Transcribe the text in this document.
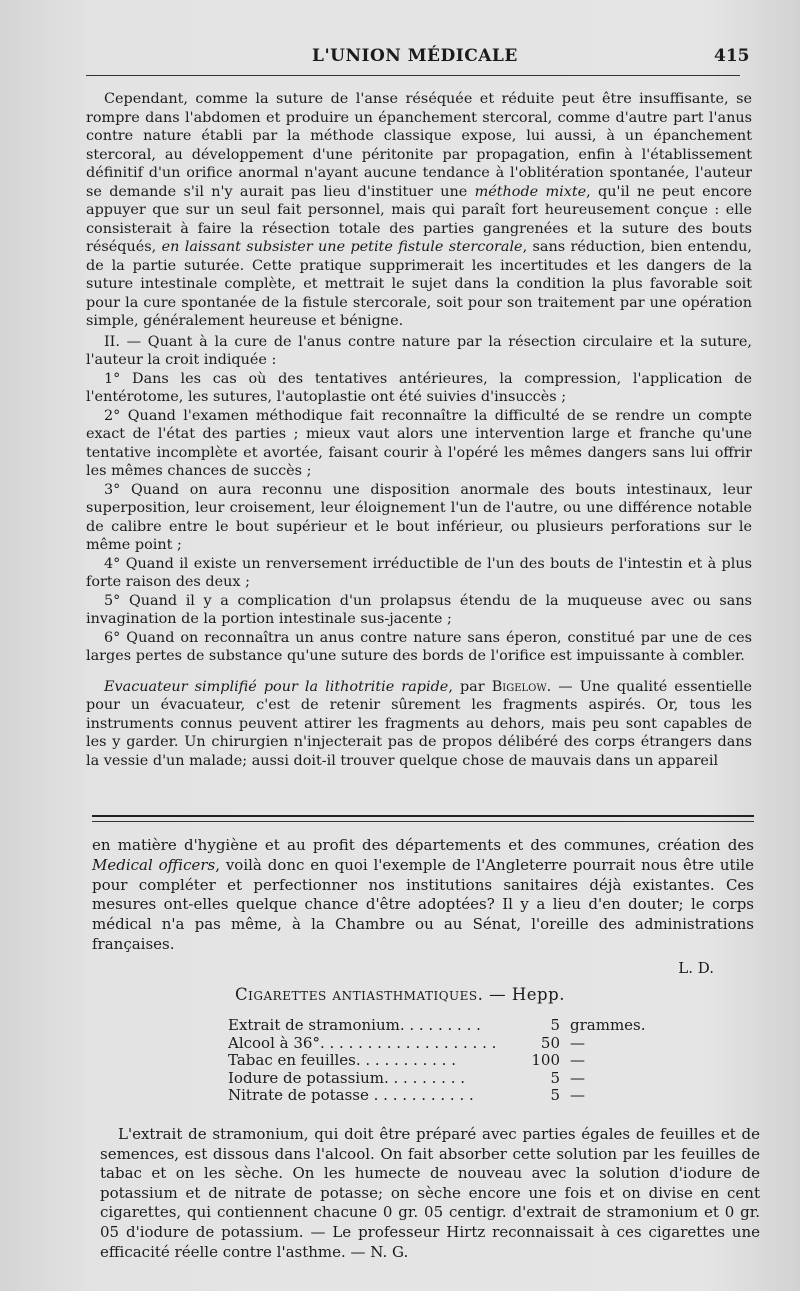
L'UNION MÉDICALE	415

Cependant, comme la suture de l'anse réséquée et réduite peut être insuffisante, se rompre dans l'abdomen et produire un épanchement stercoral, comme d'autre part l'anus contre nature établi par la méthode classique expose, lui aussi, à un épanchement stercoral, au développement d'une péritonite par propagation, enfin à l'établissement définitif d'un orifice anormal n'ayant aucune tendance à l'oblitération spontanée, l'auteur se demande s'il n'y aurait pas lieu d'instituer une méthode mixte, qu'il ne peut encore appuyer que sur un seul fait personnel, mais qui paraît fort heureusement conçue : elle consisterait à faire la résection totale des parties gangrenées et la suture des bouts réséqués, en laissant subsister une petite fistule stercorale, sans réduction, bien entendu, de la partie suturée. Cette pratique supprimerait les incertitudes et les dangers de la suture intestinale complète, et mettrait le sujet dans la condition la plus favorable soit pour la cure spontanée de la fistule stercorale, soit pour son traitement par une opération simple, généralement heureuse et bénigne.

II. — Quant à la cure de l'anus contre nature par la résection circulaire et la suture, l'auteur la croit indiquée :

1° Dans les cas où des tentatives antérieures, la compression, l'application de l'entérotome, les sutures, l'autoplastie ont été suivies d'insuccès ;

2° Quand l'examen méthodique fait reconnaître la difficulté de se rendre un compte exact de l'état des parties ; mieux vaut alors une intervention large et franche qu'une tentative incomplète et avortée, faisant courir à l'opéré les mêmes dangers sans lui offrir les mêmes chances de succès ;

3° Quand on aura reconnu une disposition anormale des bouts intestinaux, leur superposition, leur croisement, leur éloignement l'un de l'autre, ou une différence notable de calibre entre le bout supérieur et le bout inférieur, ou plusieurs perforations sur le même point ;

4° Quand il existe un renversement irréductible de l'un des bouts de l'intestin et à plus forte raison des deux ;

5° Quand il y a complication d'un prolapsus étendu de la muqueuse avec ou sans invagination de la portion intestinale sus-jacente ;

6° Quand on reconnaîtra un anus contre nature sans éperon, constitué par une de ces larges pertes de substance qu'une suture des bords de l'orifice est impuissante à combler.

Evacuateur simplifié pour la lithotritie rapide, par Bigelow. — Une qualité essentielle pour un évacuateur, c'est de retenir sûrement les fragments aspirés. Or, tous les instruments connus peuvent attirer les fragments au dehors, mais peu sont capables de les y garder. Un chirurgien n'injecterait pas de propos délibéré des corps étrangers dans la vessie d'un malade; aussi doit-il trouver quelque chose de mauvais dans un appareil

en matière d'hygiène et au profit des départements et des communes, création des Medical officers, voilà donc en quoi l'exemple de l'Angleterre pourrait nous être utile pour compléter et perfectionner nos institutions sanitaires déjà existantes. Ces mesures ont-elles quelque chance d'être adoptées? Il y a lieu d'en douter; le corps médical n'a pas même, à la Chambre ou au Sénat, l'oreille des administrations françaises.

L. D.

Cigarettes antiasthmatiques. — Hepp.
Extrait de stramonium. . . . . . . . .	5 grammes.
Alcool à 36°. . . . . . . . . . . . . . . . . . .	50 —
Tabac en feuilles. . . . . . . . . . .	100 —
Iodure de potassium. . . . . . . . .	5 —
Nitrate de potasse . . . . . . . . . . .	5 —

L'extrait de stramonium, qui doit être préparé avec parties égales de feuilles et de semences, est dissous dans l'alcool. On fait absorber cette solution par les feuilles de tabac et on les sèche. On les humecte de nouveau avec la solution d'iodure de potassium et de nitrate de potasse; on sèche encore une fois et on divise en cent cigarettes, qui contiennent chacune 0 gr. 05 centigr. d'extrait de stramonium et 0 gr. 05 d'iodure de potassium. — Le professeur Hirtz reconnaissait à ces cigarettes une efficacité réelle contre l'asthme. — N. G.
